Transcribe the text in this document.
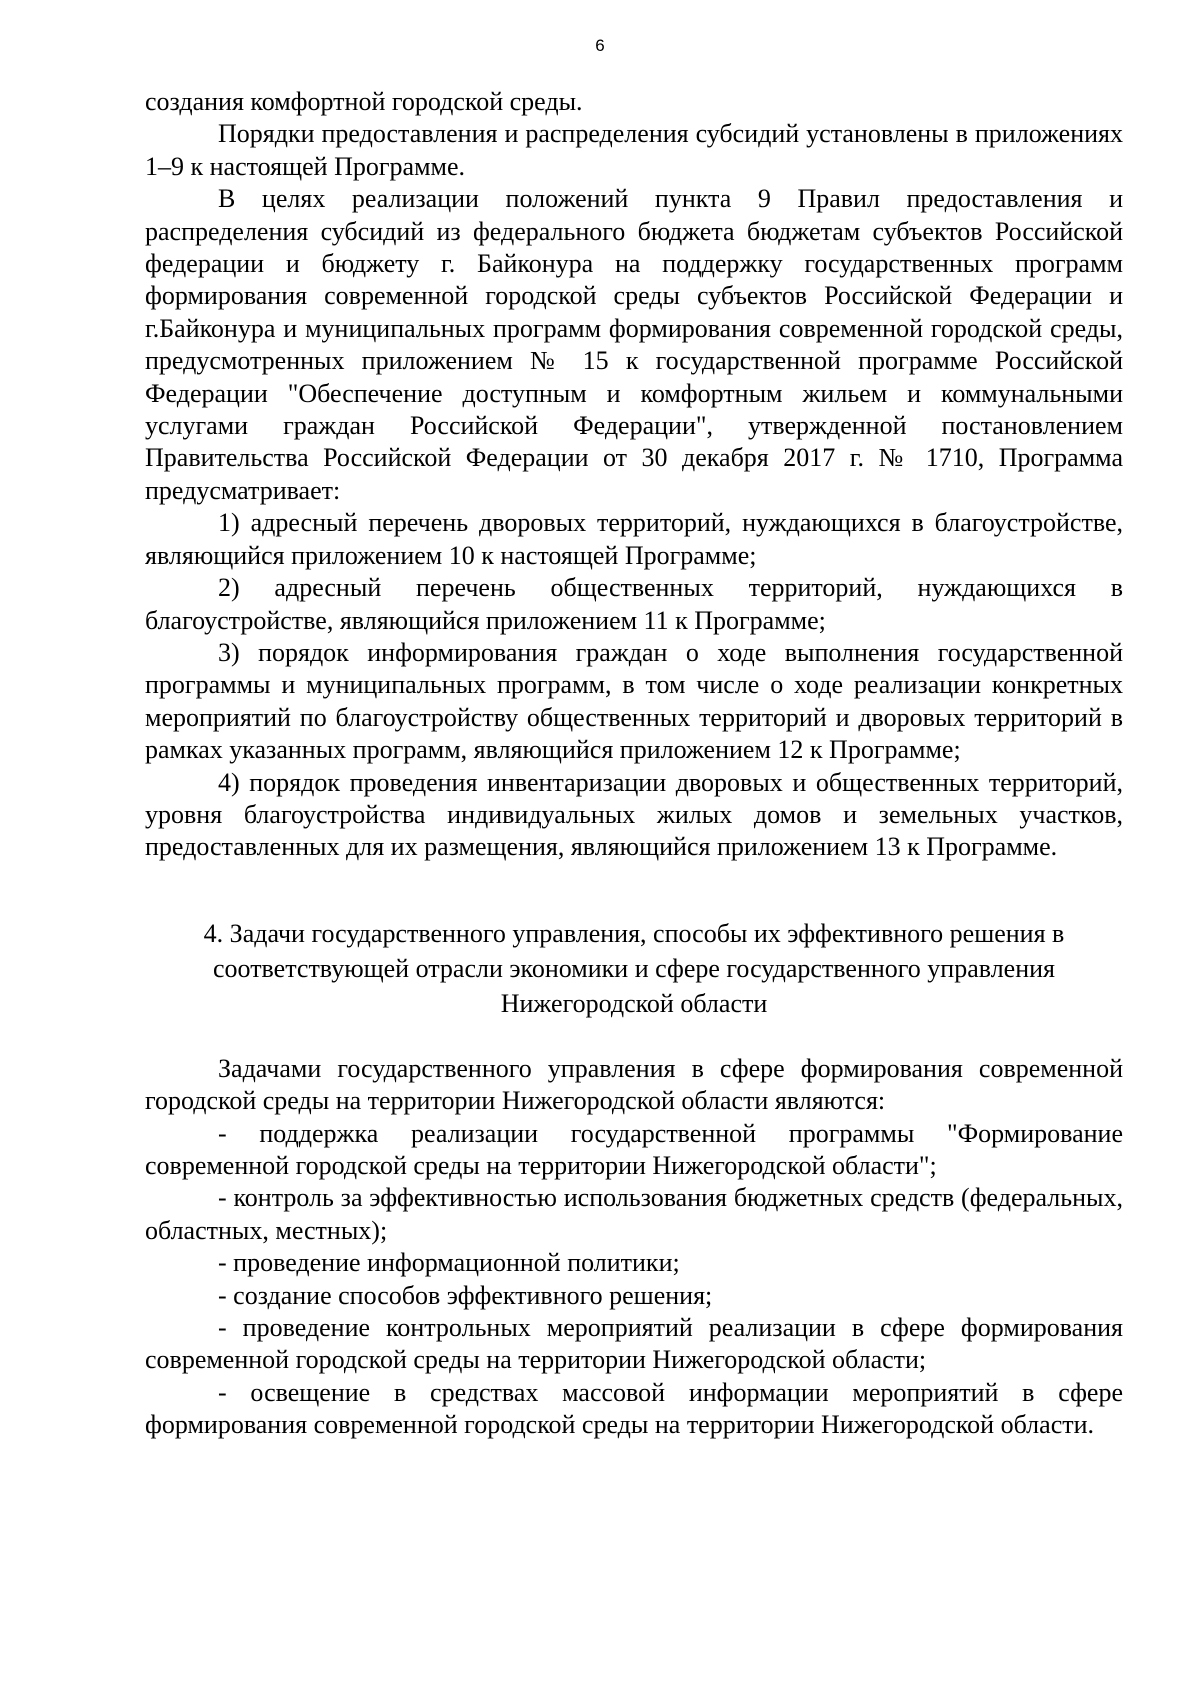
6

создания комфортной городской среды.

Порядки предоставления и распределения субсидий установлены в приложениях 1–9 к настоящей Программе.

В целях реализации положений пункта 9 Правил предоставления и распределения субсидий из федерального бюджета бюджетам субъектов Российской федерации и бюджету г. Байконура на поддержку государственных программ формирования современной городской среды субъектов Российской Федерации и г.Байконура и муниципальных программ формирования современной городской среды, предусмотренных приложением № 15 к государственной программе Российской Федерации "Обеспечение доступным и комфортным жильем и коммунальными услугами граждан Российской Федерации", утвержденной постановлением Правительства Российской Федерации от 30 декабря 2017 г. № 1710, Программа предусматривает:

1) адресный перечень дворовых территорий, нуждающихся в благоустройстве, являющийся приложением 10 к настоящей Программе;

2) адресный перечень общественных территорий, нуждающихся в благоустройстве, являющийся приложением 11 к Программе;

3) порядок информирования граждан о ходе выполнения государственной программы и муниципальных программ, в том числе о ходе реализации конкретных мероприятий по благоустройству общественных территорий и дворовых территорий в рамках указанных программ, являющийся приложением 12 к Программе;

4) порядок проведения инвентаризации дворовых и общественных территорий, уровня благоустройства индивидуальных жилых домов и земельных участков, предоставленных для их размещения, являющийся приложением 13 к Программе.

4. Задачи государственного управления, способы их эффективного решения в
соответствующей отрасли экономики и сфере государственного управления
Нижегородской области

Задачами государственного управления в сфере формирования современной городской среды на территории Нижегородской области являются:

- поддержка реализации государственной программы "Формирование современной городской среды на территории Нижегородской области";

- контроль за эффективностью использования бюджетных средств (федеральных, областных, местных);

- проведение информационной политики;

- создание способов эффективного решения;

- проведение контрольных мероприятий реализации в сфере формирования современной городской среды на территории Нижегородской области;

- освещение в средствах массовой информации мероприятий в сфере формирования современной городской среды на территории Нижегородской области.
